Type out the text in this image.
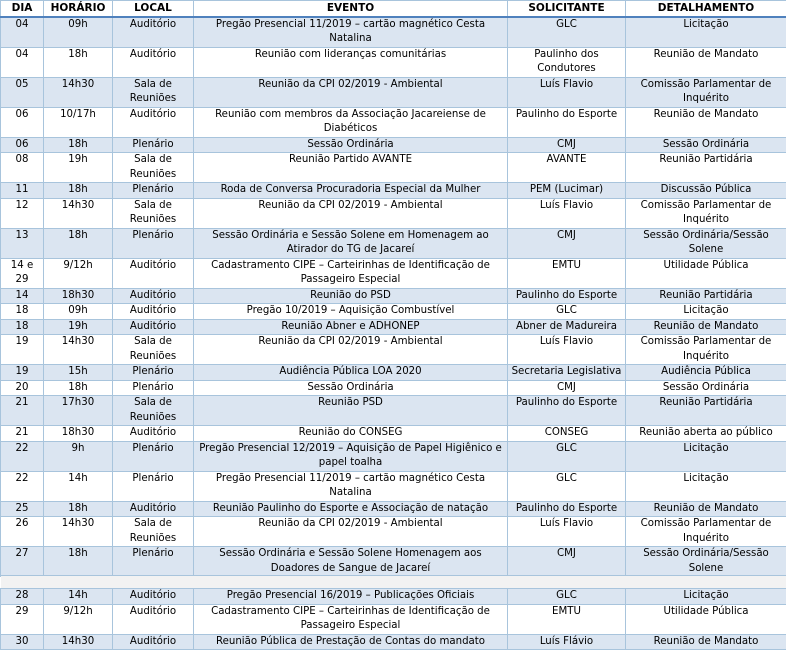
DIA	HORÁRIO	LOCAL	EVENTO	SOLICITANTE	DETALHAMENTO
04	09h	Auditório	Pregão Presencial 11/2019 – cartão magnético Cesta Natalina	GLC	Licitação
04	18h	Auditório	Reunião com lideranças comunitárias	Paulinho dos Condutores	Reunião de Mandato
05	14h30	Sala de Reuniões	Reunião da CPI 02/2019 - Ambiental	Luís Flavio	Comissão Parlamentar de Inquérito
06	10/17h	Auditório	Reunião com membros da Associação Jacareiense de Diabéticos	Paulinho do Esporte	Reunião de Mandato
06	18h	Plenário	Sessão Ordinária	CMJ	Sessão Ordinária
08	19h	Sala de Reuniões	Reunião Partido AVANTE	AVANTE	Reunião Partidária
11	18h	Plenário	Roda de Conversa Procuradoria Especial da Mulher	PEM (Lucimar)	Discussão Pública
12	14h30	Sala de Reuniões	Reunião da CPI 02/2019 - Ambiental	Luís Flavio	Comissão Parlamentar de Inquérito
13	18h	Plenário	Sessão Ordinária e Sessão Solene em Homenagem ao Atirador do TG de Jacareí	CMJ	Sessão Ordinária/Sessão Solene
14 e 29	9/12h	Auditório	Cadastramento CIPE – Carteirinhas de Identificação de Passageiro Especial	EMTU	Utilidade Pública
14	18h30	Auditório	Reunião do PSD	Paulinho do Esporte	Reunião Partidária
18	09h	Auditório	Pregão 10/2019 – Aquisição Combustível	GLC	Licitação
18	19h	Auditório	Reunião Abner e ADHONEP	Abner de Madureira	Reunião de Mandato
19	14h30	Sala de Reuniões	Reunião da CPI 02/2019 - Ambiental	Luís Flavio	Comissão Parlamentar de Inquérito
19	15h	Plenário	Audiência Pública LOA 2020	Secretaria Legislativa	Audiência Pública
20	18h	Plenário	Sessão Ordinária	CMJ	Sessão Ordinária
21	17h30	Sala de Reuniões	Reunião PSD	Paulinho do Esporte	Reunião Partidária
21	18h30	Auditório	Reunião do CONSEG	CONSEG	Reunião aberta ao público
22	9h	Plenário	Pregão Presencial 12/2019 – Aquisição de Papel Higiênico e papel toalha	GLC	Licitação
22	14h	Plenário	Pregão Presencial 11/2019 – cartão magnético Cesta Natalina	GLC	Licitação
25	18h	Auditório	Reunião Paulinho do Esporte e Associação de natação	Paulinho do Esporte	Reunião de Mandato
26	14h30	Sala de Reuniões	Reunião da CPI 02/2019 - Ambiental	Luís Flavio	Comissão Parlamentar de Inquérito
27	18h	Plenário	Sessão Ordinária e Sessão Solene Homenagem aos Doadores de Sangue de Jacareí	CMJ	Sessão Ordinária/Sessão Solene

28	14h	Auditório	Pregão Presencial 16/2019 – Publicações Oficiais	GLC	Licitação
29	9/12h	Auditório	Cadastramento CIPE – Carteirinhas de Identificação de Passageiro Especial	EMTU	Utilidade Pública
30	14h30	Auditório	Reunião Pública de Prestação de Contas do mandato	Luís Flávio	Reunião de Mandato
